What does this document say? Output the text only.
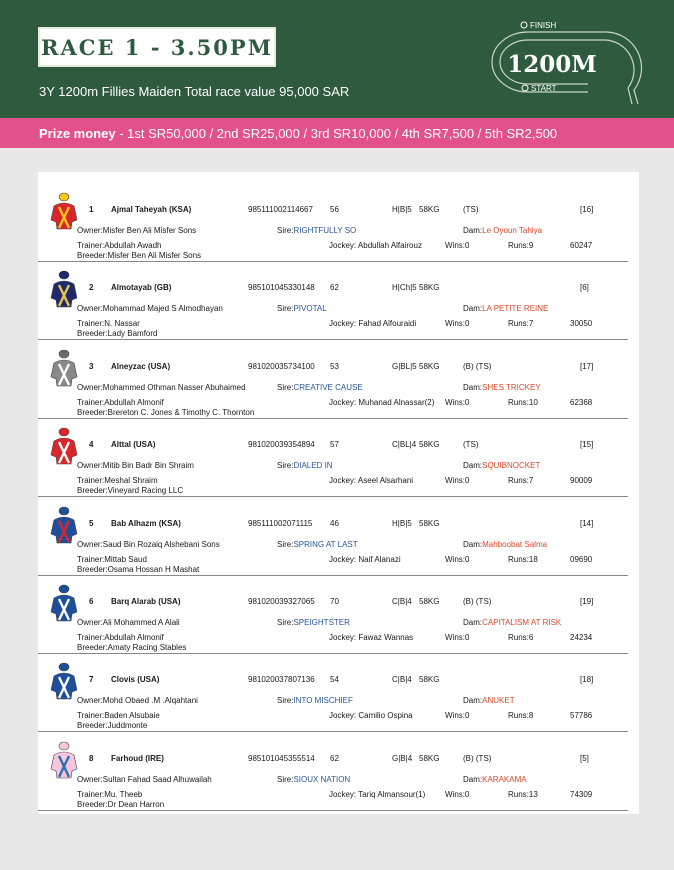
RACE 1 - 3.50PM
3Y 1200m Fillies Maiden Total race value 95,000 SAR
FINISH
START
1200M
Prize money - 1st SR50,000 / 2nd SR25,000 / 3rd SR10,000 / 4th SR7,500 / 5th SR2,500
1 Ajmal Taheyah (KSA)	985111002114667 56	H|B|5 58KG	(TS)	[16]
Owner:Misfer Ben Ali Misfer Sons
Trainer:Abdullah Awadh	Jockey: Abdullah Alfairouz	Wins:0	Runs:9	60247
Breeder:Misfer Ben Ali Misfer Sons
Sire:RIGHTFULLY SO	Dam:Le Oyoun Tahiya
2 Almotayab (GB)	985101045330148 62	H|Ch|5 58KG	[6]
Owner:Mohammad Majed S Almodhayan
Trainer:N. Nassar	Jockey: Fahad Alfouraidi	Wins:0	Runs:7	30050
Breeder:Lady Bamford
Sire:PIVOTAL	Dam:LA PETITE REINE
3 Alneyzac (USA)	981020035734100 53	G|BL|5 58KG	(B) (TS)	[17]
Owner:Mohammed Othman Nasser Abuhaimed
Trainer:Abdullah Almonif	Jockey: Muhanad Alnassar(2) Wins:0	Runs:10	62368
Breeder:Brereton C. Jones & Timothy C. Thornton
Sire:CREATIVE CAUSE	Dam:SHES TRICKEY
4 Alttal (USA)	981020039354894 57	C|BL|4 58KG	(TS)	[15]
Owner:Mitib Bin Badr Bin Shraim
Trainer:Meshal Shraim	Jockey: Aseel Alsarhani	Wins:0	Runs:7	90009
Breeder:Vineyard Racing LLC
Sire:DIALED IN	Dam:SQUIBNOCKET
5 Bab Alhazm (KSA)	985111002071115 46	H|B|5 58KG	[14]
Owner:Saud Bin Rozaiq Alshebani Sons
Trainer:Mittab Saud	Jockey: Naif Alanazi	Wins:0	Runs:18	09690
Breeder:Osama Hossan H Mashat
Sire:SPRING AT LAST	Dam:Mahboobat Salma
6 Barq Alarab (USA)	981020039327065 70	C|B|4 58KG	(B) (TS)	[19]
Owner:Ali Mohammed A Alali
Trainer:Abdullah Almonif	Jockey: Fawaz Wannas	Wins:0	Runs:6	24234
Breeder:Amaty Racing Stables
Sire:SPEIGHTSTER	Dam:CAPITALISM AT RISK
7 Clovis (USA)	981020037807136 54	C|B|4 58KG	[18]
Owner:Mohd Obaed .M .Alqahtani
Trainer:Baden Alsubaie	Jockey: Camilio Ospina	Wins:0	Runs:8	57786
Breeder:Juddmonte
Sire:INTO MISCHIEF	Dam:ANUKET
8 Farhoud (IRE)	985101045355514 62	G|B|4 58KG	(B) (TS)	[5]
Owner:Sultan Fahad Saad Alhuwailah
Trainer:Mu. Theeb	Jockey: Tariq Almansour(1) Wins:0	Runs:13	74309
Breeder:Dr Dean Harron
Sire:SIOUX NATION	Dam:KARAKAMA
